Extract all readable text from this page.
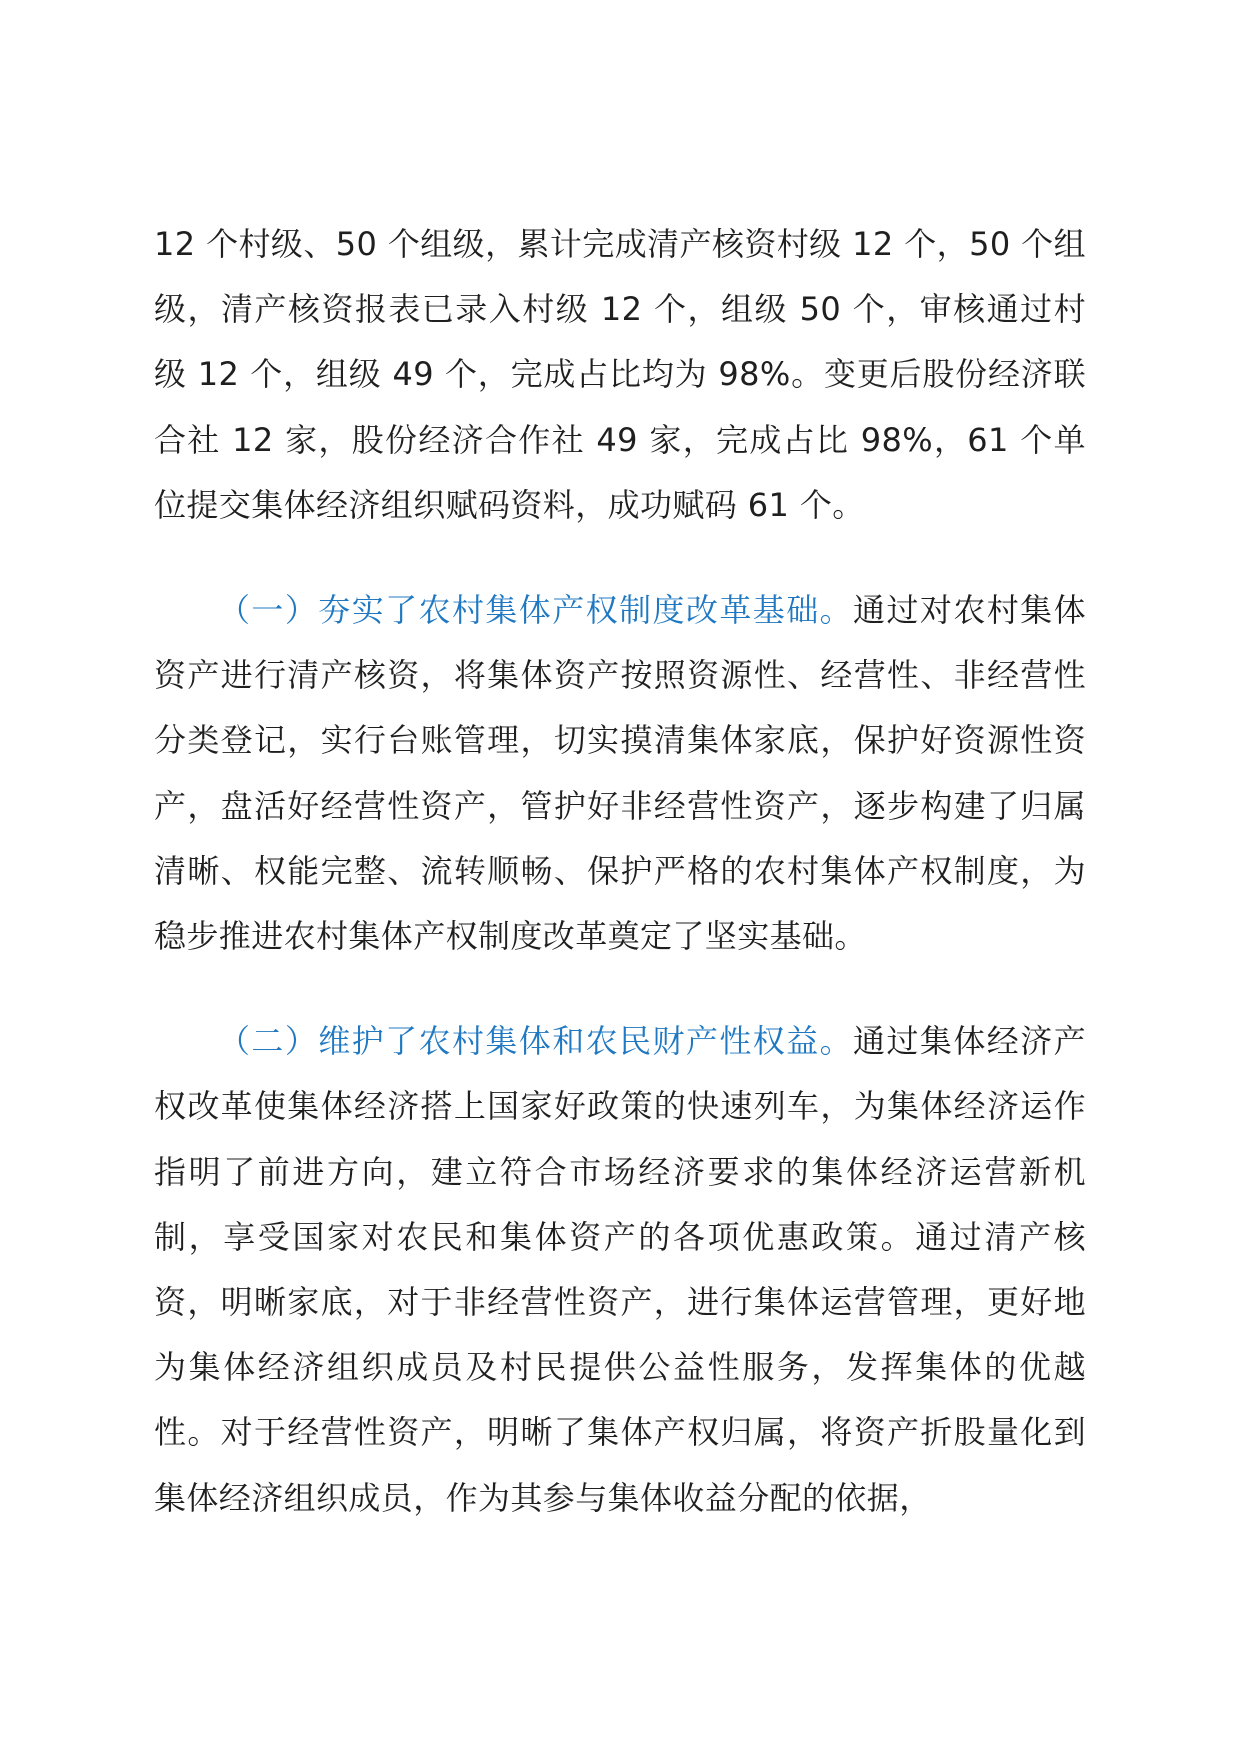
12 个村级、50 个组级，累计完成清产核资村级 12 个，50 个组级，清产核资报表已录入村级 12 个，组级 50 个，审核通过村级 12 个，组级 49 个，完成占比均为 98%。变更后股份经济联合社 12 家，股份经济合作社 49 家，完成占比 98%，61 个单位提交集体经济组织赋码资料，成功赋码 61 个。

（一）夯实了农村集体产权制度改革基础。通过对农村集体资产进行清产核资，将集体资产按照资源性、经营性、非经营性分类登记，实行台账管理，切实摸清集体家底，保护好资源性资产，盘活好经营性资产，管护好非经营性资产，逐步构建了归属清晰、权能完整、流转顺畅、保护严格的农村集体产权制度，为稳步推进农村集体产权制度改革奠定了坚实基础。

（二）维护了农村集体和农民财产性权益。通过集体经济产权改革使集体经济搭上国家好政策的快速列车，为集体经济运作指明了前进方向，建立符合市场经济要求的集体经济运营新机制，享受国家对农民和集体资产的各项优惠政策。通过清产核资，明晰家底，对于非经营性资产，进行集体运营管理，更好地为集体经济组织成员及村民提供公益性服务，发挥集体的优越性。对于经营性资产，明晰了集体产权归属，将资产折股量化到集体经济组织成员，作为其参与集体收益分配的依据，
